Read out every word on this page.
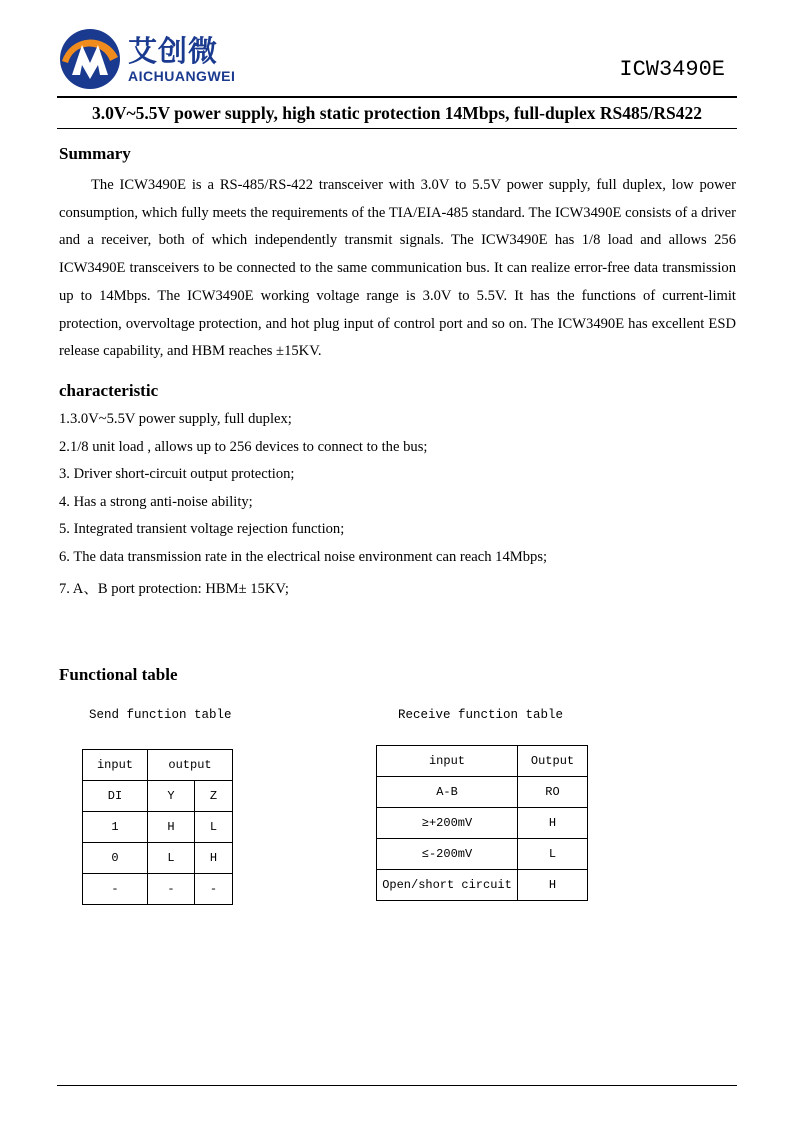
艾创微
AICHUANGWEI	ICW3490E
3.0V~5.5V power supply, high static protection 14Mbps, full-duplex RS485/RS422
Summary

The ICW3490E is a RS-485/RS-422 transceiver with 3.0V to 5.5V power supply, full duplex, low power consumption, which fully meets the requirements of the TIA/EIA-485 standard. The ICW3490E consists of a driver and a receiver, both of which independently transmit signals. The ICW3490E has 1/8 load and allows 256 ICW3490E transceivers to be connected to the same communication bus. It can realize error-free data transmission up to 14Mbps. The ICW3490E working voltage range is 3.0V to 5.5V. It has the functions of current-limit protection, overvoltage protection, and hot plug input of control port and so on. The ICW3490E has excellent ESD release capability, and HBM reaches ±15KV.

characteristic
1.3.0V~5.5V power supply, full duplex;
2.1/8 unit load , allows up to 256 devices to connect to the bus;
3. Driver short-circuit output protection;
4. Has a strong anti-noise ability;
5. Integrated transient voltage rejection function;
6. The data transmission rate in the electrical noise environment can reach 14Mbps;
7. A、B port protection: HBM± 15KV;
Functional table
Send function table
input	output	
DI	Y	Z
1	H	L
0	L	H
-	-	-
Receive function table
input	Output
A-B	RO
≥+200mV	H
≤-200mV	L
Open/short circuit	H
